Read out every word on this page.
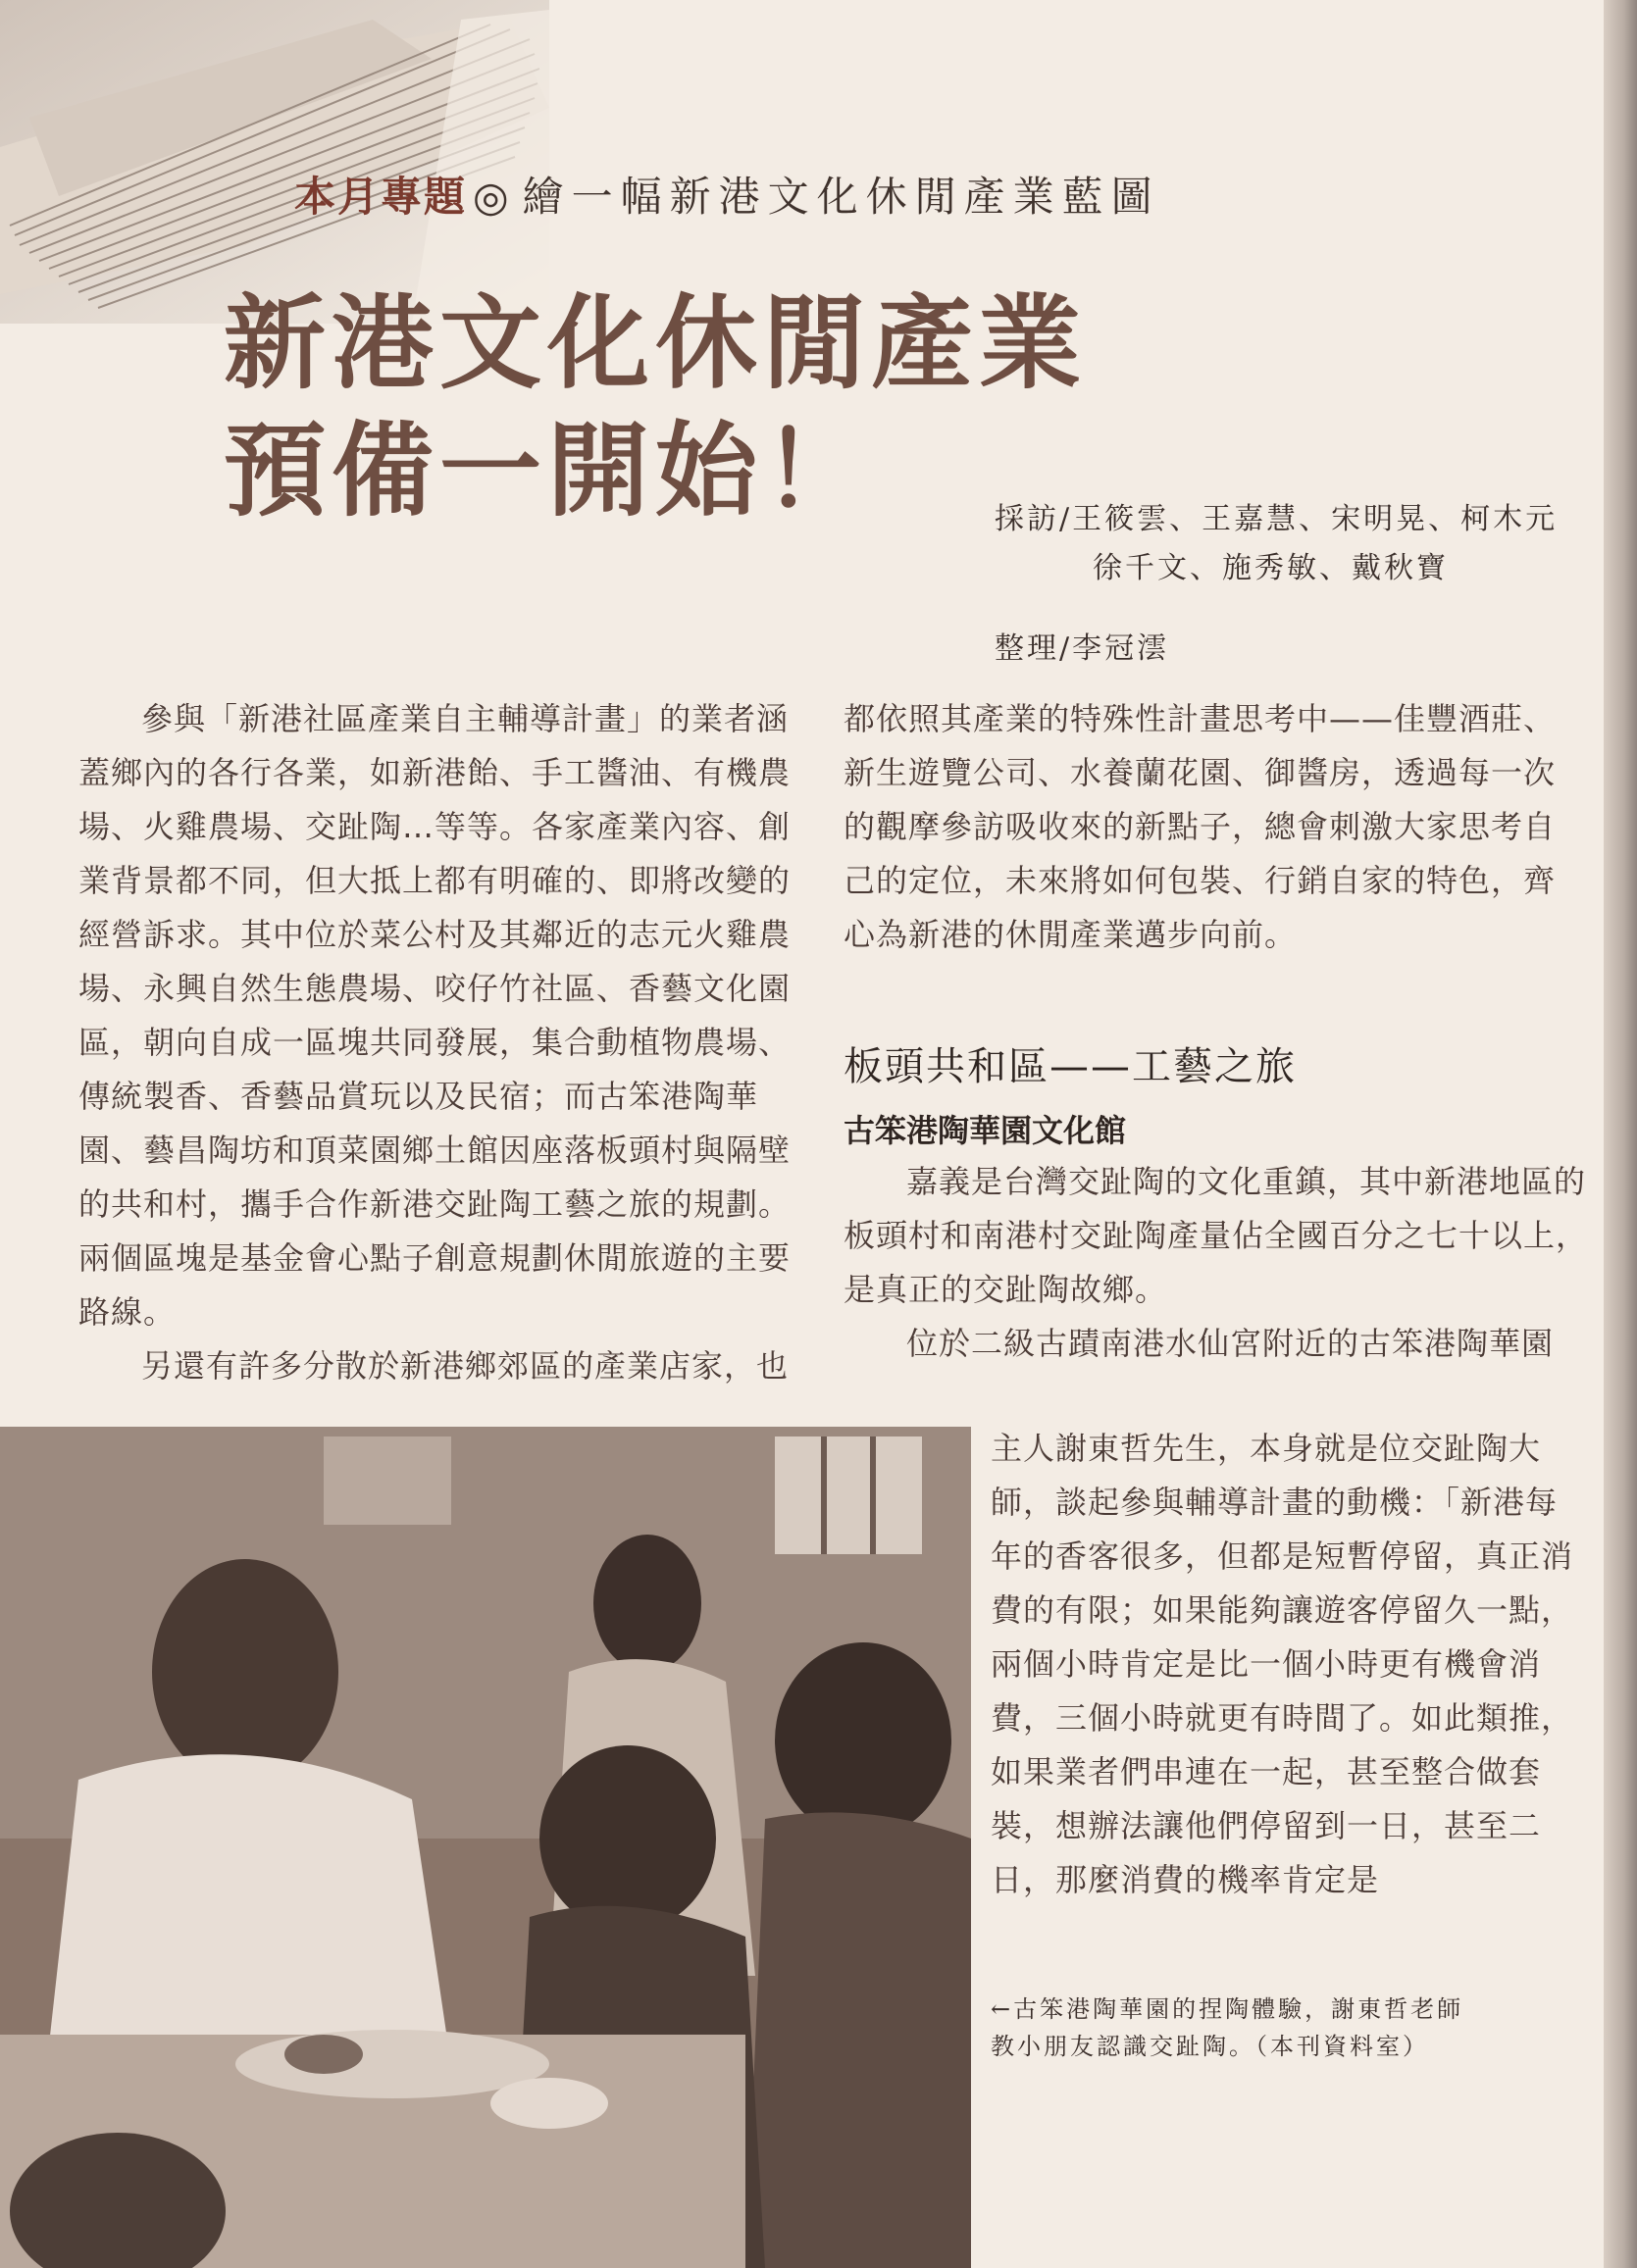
本月專題 ◎ 繪一幅新港文化休閒產業藍圖
新港文化休閒產業
預備一開始！	採訪/王筱雲、王嘉慧、宋明晃、柯木元
徐千文、施秀敏、戴秋寶
整理/李冠澐

參與「新港社區產業自主輔導計畫」的業者涵蓋鄉內的各行各業，如新港飴、手工醬油、有機農場、火雞農場、交趾陶…等等。各家產業內容、創業背景都不同，但大抵上都有明確的、即將改變的經營訴求。其中位於菜公村及其鄰近的志元火雞農場、永興自然生態農場、咬仔竹社區、香藝文化園區，朝向自成一區塊共同發展，集合動植物農場、傳統製香、香藝品賞玩以及民宿；而古笨港陶華園、藝昌陶坊和頂菜園鄉土館因座落板頭村與隔壁的共和村，攜手合作新港交趾陶工藝之旅的規劃。兩個區塊是基金會心點子創意規劃休閒旅遊的主要路線。

另還有許多分散於新港鄉郊區的產業店家，也

都依照其產業的特殊性計畫思考中——佳豐酒莊、新生遊覽公司、水養蘭花園、御醬房，透過每一次的觀摩參訪吸收來的新點子，總會刺激大家思考自己的定位，未來將如何包裝、行銷自家的特色，齊心為新港的休閒產業邁步向前。

板頭共和區——工藝之旅
古笨港陶華園文化館

嘉義是台灣交趾陶的文化重鎮，其中新港地區的板頭村和南港村交趾陶產量佔全國百分之七十以上，是真正的交趾陶故鄉。

位於二級古蹟南港水仙宮附近的古笨港陶華園

主人謝東哲先生，本身就是位交趾陶大師，談起參與輔導計畫的動機：「新港每年的香客很多，但都是短暫停留，真正消費的有限；如果能夠讓遊客停留久一點，兩個小時肯定是比一個小時更有機會消費，三個小時就更有時間了。如此類推，如果業者們串連在一起，甚至整合做套裝，想辦法讓他們停留到一日，甚至二日，那麼消費的機率肯定是

←古笨港陶華園的捏陶體驗，謝東哲老師
教小朋友認識交趾陶。（本刊資料室）
